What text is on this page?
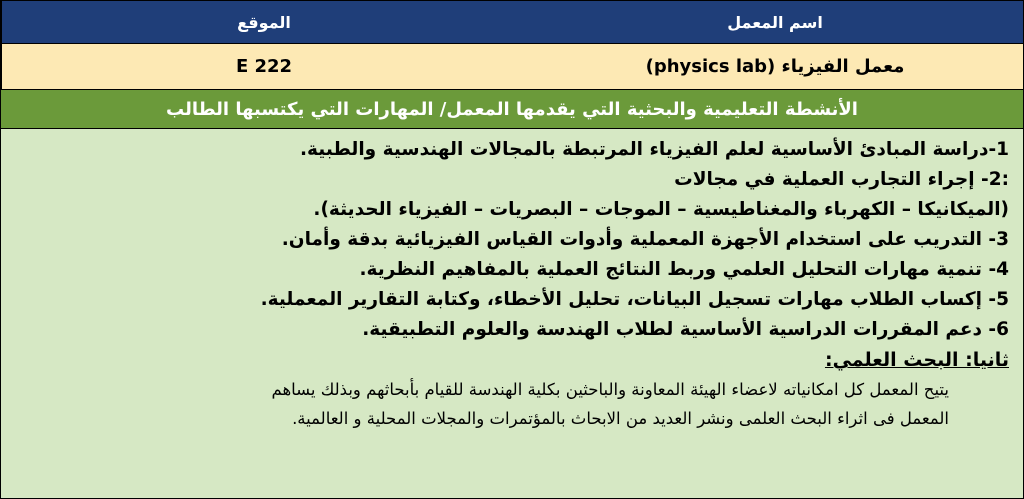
اسم المعمل
الموقع
معمل الفيزياء (physics lab)
E 222
الأنشطة التعليمية والبحثية التي يقدمها المعمل/ المهارات التي يكتسبها الطالب
1-دراسة المبادئ الأساسية لعلم الفيزياء المرتبطة بالمجالات الهندسية والطبية.
:2- إجراء التجارب العملية في مجالات
(الميكانيكا – الكهرباء والمغناطيسية – الموجات – البصريات – الفيزياء الحديثة).
3- التدريب على استخدام الأجهزة المعملية وأدوات القياس الفيزيائية بدقة وأمان.
4- تنمية مهارات التحليل العلمي وربط النتائج العملية بالمفاهيم النظرية.
5- إكساب الطلاب مهارات تسجيل البيانات، تحليل الأخطاء، وكتابة التقارير المعملية.
6- دعم المقررات الدراسية الأساسية لطلاب الهندسة والعلوم التطبيقية.
ثانيا: البحث العلمي:
يتيح المعمل كل امكانياته لاعضاء الهيئة المعاونة والباحثين بكلية الهندسة للقيام بأبحاثهم وبذلك يساهم
المعمل فى اثراء البحث العلمى ونشر العديد من الابحاث بالمؤتمرات والمجلات المحلية و العالمية.
